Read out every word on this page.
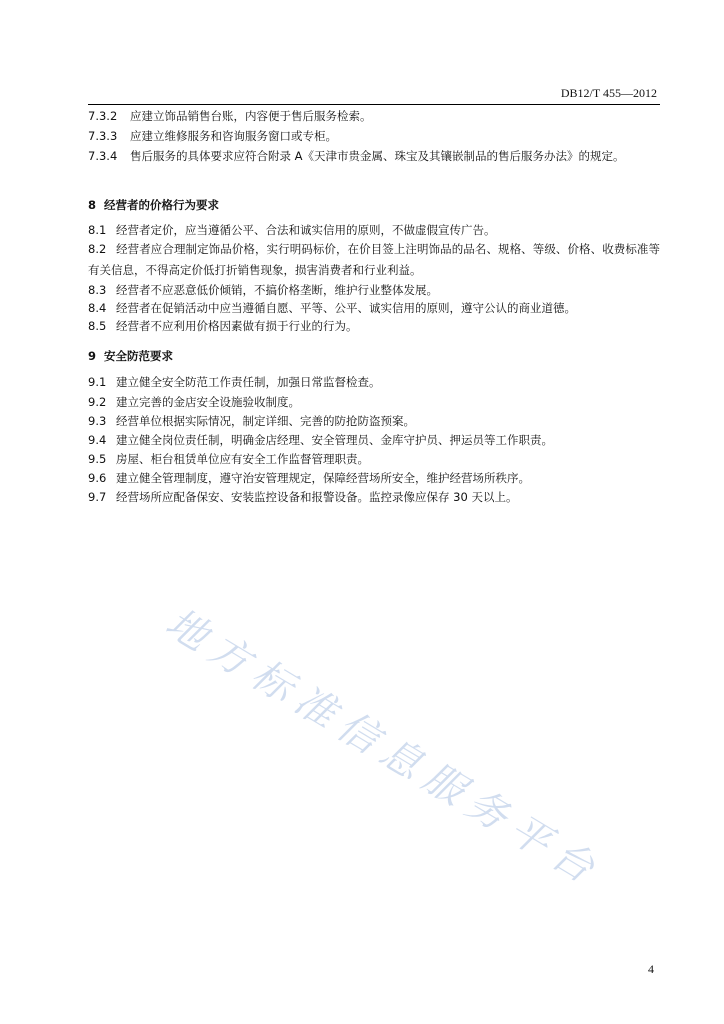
DB12/T 455—2012
7.3.2 应建立饰品销售台账，内容便于售后服务检索。
7.3.3 应建立维修服务和咨询服务窗口或专柜。
7.3.4 售后服务的具体要求应符合附录 A《天津市贵金属、珠宝及其镶嵌制品的售后服务办法》的规定。
8 经营者的价格行为要求
8.1 经营者定价，应当遵循公平、合法和诚实信用的原则，不做虚假宣传广告。
8.2 经营者应合理制定饰品价格，实行明码标价，在价目签上注明饰品的品名、规格、等级、价格、收费标准等有关信息，不得高定价低打折销售现象，损害消费者和行业利益。
8.3 经营者不应恶意低价倾销，不搞价格垄断，维护行业整体发展。
8.4 经营者在促销活动中应当遵循自愿、平等、公平、诚实信用的原则，遵守公认的商业道德。
8.5 经营者不应利用价格因素做有损于行业的行为。
9 安全防范要求
9.1 建立健全安全防范工作责任制，加强日常监督检查。
9.2 建立完善的金店安全设施验收制度。
9.3 经营单位根据实际情况，制定详细、完善的防抢防盗预案。
9.4 建立健全岗位责任制，明确金店经理、安全管理员、金库守护员、押运员等工作职责。
9.5 房屋、柜台租赁单位应有安全工作监督管理职责。
9.6 建立健全管理制度，遵守治安管理规定，保障经营场所安全，维护经营场所秩序。
9.7 经营场所应配备保安、安装监控设备和报警设备。监控录像应保存 30 天以上。
地方标准信息服务平台
4
